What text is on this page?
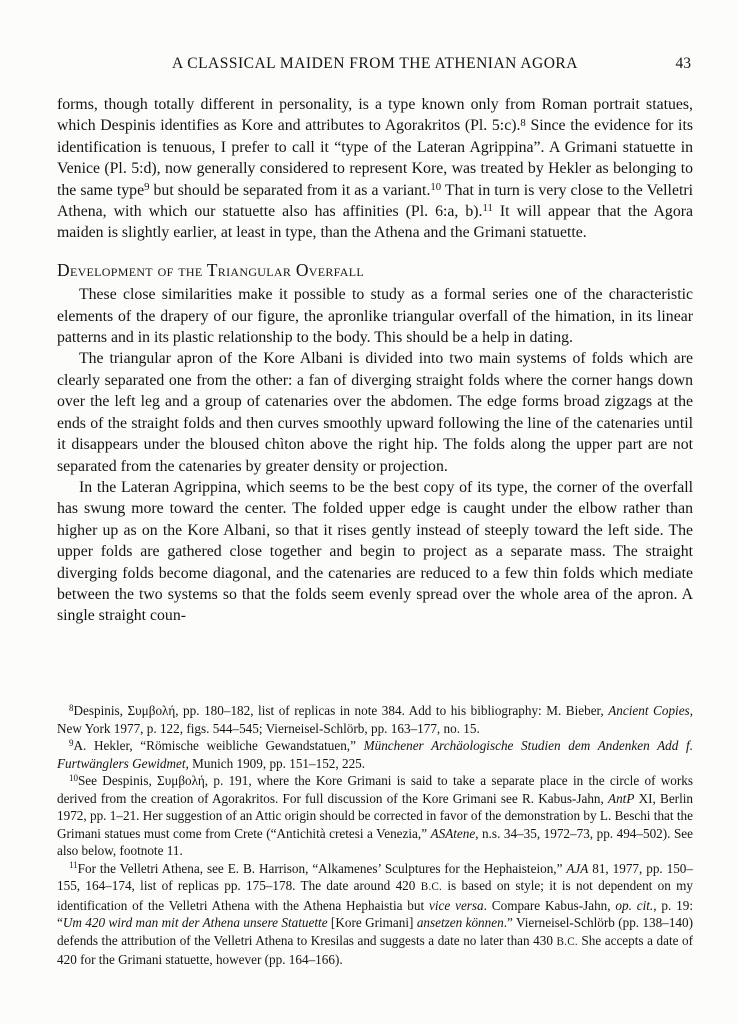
A CLASSICAL MAIDEN FROM THE ATHENIAN AGORA	43

forms, though totally different in personality, is a type known only from Roman portrait statues, which Despinis identifies as Kore and attributes to Agorakritos (Pl. 5:c).$^8$ Since the evidence for its identification is tenuous, I prefer to call it “type of the Lateran Agrippina”. A Grimani statuette in Venice (Pl. 5:d), now generally considered to represent Kore, was treated by Hekler as belonging to the same type$^9$ but should be separated from it as a variant.$^{10}$ That in turn is very close to the Velletri Athena, with which our statuette also has affinities (Pl. 6:a, b).$^{11}$ It will appear that the Agora maiden is slightly earlier, at least in type, than the Athena and the Grimani statuette.

Development of the Triangular Overfall

These close similarities make it possible to study as a formal series one of the characteristic elements of the drapery of our figure, the apronlike triangular overfall of the himation, in its linear patterns and in its plastic relationship to the body. This should be a help in dating.

The triangular apron of the Kore Albani is divided into two main systems of folds which are clearly separated one from the other: a fan of diverging straight folds where the corner hangs down over the left leg and a group of catenaries over the abdomen. The edge forms broad zigzags at the ends of the straight folds and then curves smoothly upward following the line of the catenaries until it disappears under the bloused chìton above the right hip. The folds along the upper part are not separated from the catenaries by greater density or projection.

In the Lateran Agrippina, which seems to be the best copy of its type, the corner of the overfall has swung more toward the center. The folded upper edge is caught under the elbow rather than higher up as on the Kore Albani, so that it rises gently instead of steeply toward the left side. The upper folds are gathered close together and begin to project as a separate mass. The straight diverging folds become diagonal, and the catenaries are reduced to a few thin folds which mediate between the two systems so that the folds seem evenly spread over the whole area of the apron. A single straight coun-

$^8$Despinis, Συμβολή, pp. 180–182, list of replicas in note 384. Add to his bibliography: M. Bieber, Ancient Copies, New York 1977, p. 122, figs. 544–545; Vierneisel-Schlörb, pp. 163–177, no. 15.

$^9$A. Hekler, “Römische weibliche Gewandstatuen,” Münchener Archäologische Studien dem Andenken Add f. Furtwänglers Gewidmet, Munich 1909, pp. 151–152, 225.

$^{10}$See Despinis, Συμβολή, p. 191, where the Kore Grimani is said to take a separate place in the circle of works derived from the creation of Agorakritos. For full discussion of the Kore Grimani see R. Kabus-Jahn, AntP XI, Berlin 1972, pp. 1–21. Her suggestion of an Attic origin should be corrected in favor of the demonstration by L. Beschi that the Grimani statues must come from Crete (“Antichità cretesi a Venezia,” ASAtene, n.s. 34–35, 1972–73, pp. 494–502). See also below, footnote 11.

$^{11}$For the Velletri Athena, see E. B. Harrison, “Alkamenes’ Sculptures for the Hephaisteion,” AJA 81, 1977, pp. 150–155, 164–174, list of replicas pp. 175–178. The date around 420 B.C. is based on style; it is not dependent on my identification of the Velletri Athena with the Athena Hephaistia but vice versa. Compare Kabus-Jahn, op. cit., p. 19: “Um 420 wird man mit der Athena unsere Statuette [Kore Grimani] ansetzen können.” Vierneisel-Schlörb (pp. 138–140) defends the attribution of the Velletri Athena to Kresilas and suggests a date no later than 430 B.C. She accepts a date of 420 for the Grimani statuette, however (pp. 164–166).
